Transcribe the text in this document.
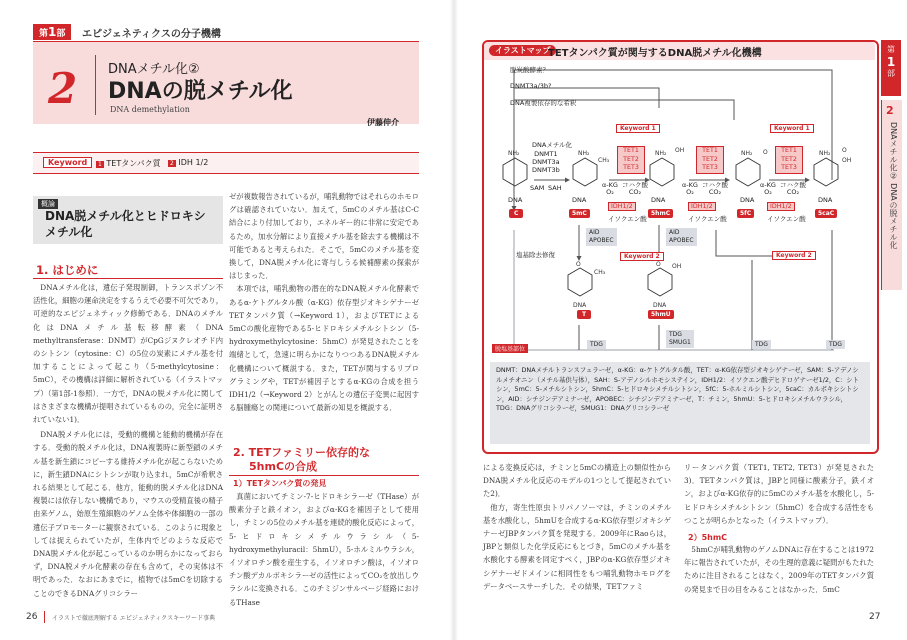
第1部	エピジェネティクスの分子機構
2 DNAメチル化②
DNAの脱メチル化
DNA demethylation
伊藤伸介
Keyword	1 TETタンパク質	2 IDH 1/2
概論
DNA脱メチル化とヒドロキシメチル化
1. はじめに

DNAメチル化は，遺伝子発現制御，トランスポゾン不活性化，細胞の運命決定をするうえで必要不可欠であり，可逆的なエピジェネティック修飾である．DNAのメチル化はDNAメチル基転移酵素（DNA methyltransferase：DNMT）がCpGジヌクレオチド内のシトシン（cytosine：C）の5位の炭素にメチル基を付加することによって起こり（5-methylcytosine：5mC），その機構は詳細に解析されている（イラストマップ）（第1部-1参照）．一方で，DNAの脱メチル化に関してはさまざまな機構が提唱されているものの，完全に証明されていない1)．

DNA脱メチル化には，受動的機構と能動的機構が存在する．受動的脱メチル化は，DNA複製時に新型鎖のメチル基を新生鎖にコピーする維持メチル化が起こらないために，新生鎖DNAにシトシンが取り込まれ，5mCが希釈される結果として起こる．他方，能動的脱メチル化はDNA複製には依存しない機構であり，マウスの受精直後の精子由来ゲノム，始原生殖細胞のゲノム全体や体細胞の一部の遺伝子プロモーターに観察されている．このように現象としては捉えられていたが，生体内でどのような反応でDNA脱メチル化が起こっているのか明らかになっておらず，DNA脱メチル化酵素の存在も含めて，その実体は不明であった．なおにあまでに，植物では5mCを切除することのできるDNAグリコシラー

ゼが複数報告されているが，哺乳動物ではそれらのホモログは確認されていない．加えて，5mCのメチル基はC-C結合により付加しており，エネルギー的に非常に安定であるため，加水分解により直接メチル基を除去する機構は不可能であると考えられた．そこで，5mCのメチル基を変換して，DNA脱メチル化に寄与しうる候補酵素の探索がはじまった．

本項では，哺乳動物の潜在的なDNA脱メチル化酵素であるα-ケトグルタル酸（α-KG）依存型ジオキシゲナーゼTETタンパク質（→Keyword 1），およびTETによる5mCの酸化産物である5-ヒドロキシメチルシトシン（5-hydroxymethylcytosine：5hmC）が発見されたことを端緒として，急速に明らかになりつつあるDNA脱メチル化機構について概説する．また，TETが関与するリプログラミングや，TETが補因子とするα-KGの合成を担うIDH1/2（→Keyword 2）とがんとの遺伝子変異に起因する脳腫瘍との関連について最新の知見を概説する．

2. TETファミリー依存的な
5hmCの合成
1）TETタンパク質の発見

真菌においてチミン-7-ヒドロキシラーゼ（THase）が酸素分子と鉄イオン，およびα-KGを補因子として使用し，チミンの5位のメチル基を連続的酸化反応によって，5-ヒドロキシメチルウラシル（5-hydroxymethyluracil：5hmU），5-ホルミルウラシル，イソオロチン酸を産生する，イソオロチン酸は，イソオロチン酸デカルボキシラーゼの活性によってCO₂を放出しウラシルに変換される．このチミジンサルベージ経路におけるTHase

26 イラストで徹底理解する エピジェネティクスキーワード事典
イラストマップ
TETタンパク質が関与するDNA脱メチル化機構
脱炭酸酵素？
DNMT3a/3b?
DNA複製依存的な希釈
Keyword 1	Keyword 1
DNAメチル化
DNMT1
DNMT3a
DNMT3b
SAM SAH
TET1
TET2
TET3
TET1
TET2
TET3
TET1
TET2
TET3
α-KG
O₂
コハク酸
CO₂
α-KG
O₂
コハク酸
CO₂
α-KG
O₂
コハク酸
CO₂
C	5mC	5hmC	5fC	5caC
DNA	DNA	DNA	DNA	DNA
NH₂	NH₂	NH₂	NH₂	NH₂
CH₃
OH	O	O
OH
IDH1/2
イソクエン酸
IDH1/2
イソクエン酸
IDH1/2
イソクエン酸
AID
APOBEC
AID
APOBEC
Keyword 2	Keyword 2
塩基除去修復
O	O
CH₃
OH
DNA	DNA
T	5hmU
TDG
TDG
SMUG1	TDG	TDG
脱塩基部位
DNMT：DNAメチルトランスフェラーゼ，α-KG：α-ケトグルタル酸，TET：α-KG依存型ジオキシゲナーゼ，SAM：S-アデノシルメチオニン（メチル基供与体），SAH：S-アデノシルホモシステイン，IDH1/2：イソクエン酸デヒドロゲナーゼ1/2，C：シトシン，5mC：5-メチルシトシン，5hmC：5-ヒドロキシメチルシトシン，5fC：5-ホルミルシトシン，5caC：カルボキシシトシン，AID：シチジンデアミナーゼ，APOBEC：シチジンデアミナーゼ，T：チミン，5hmU：5-ヒドロキシメチルウラシル，TDG：DNAグリコシラーゼ，SMUG1：DNAグリコシラーゼ

による変換反応は，チミンと5mCの構造上の類似性からDNA脱メチル化反応のモデルの1つとして提起されていた2)．

他方，寄生性原虫トリパノソーマは，チミンのメチル基を水酸化し，5hmUを合成するα-KG依存型ジオキシゲナーゼJBPタンパク質を発現する．2009年にRaoらは，JBPと類似した化学反応にもとづき，5mCのメチル基を水酸化する酵素を同定すべく，JBPのα-KG依存型ジオキシゲナーゼドメインに相同性をもつ哺乳動物ホモログをデータベースサーチした．その結果，TETファミ

リータンパク質（TET1, TET2, TET3）が発見された3)．TETタンパク質は，JBPと同様に酸素分子，鉄イオン，およびα-KG依存的に5mCのメチル基を水酸化し，5-ヒドロキシメチルシトシン（5hmC）を合成する活性をもつことが明らかとなった（イラストマップ）．

2）5hmC

5hmCが哺乳動物のゲノムDNAに存在することは1972年に報告されていたが，その生理的意義に疑問がもたれたために注目されることはなく，2009年のTETタンパク質の発見まで日の目をみることはなかった．5mC

第
1
部
2
DNAメチル化② DNAの脱メチル化
27
